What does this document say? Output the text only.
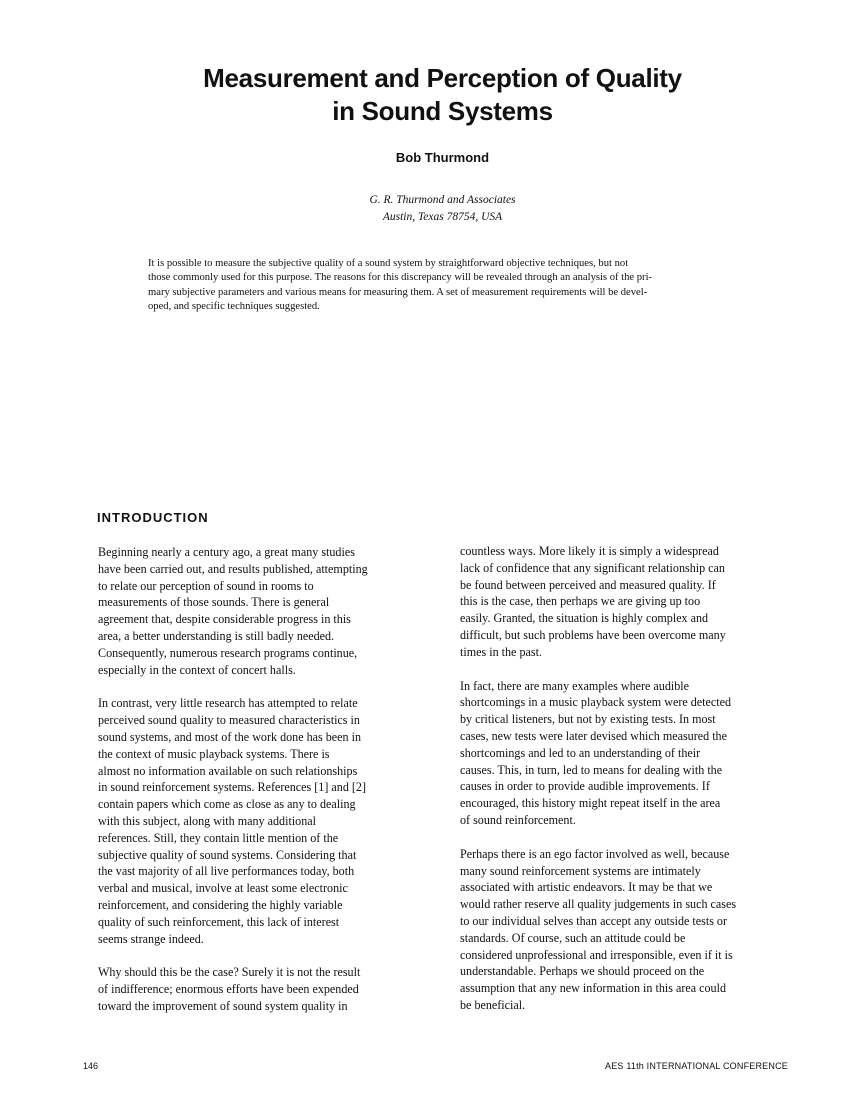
Measurement and Perception of Quality
in Sound Systems
Bob Thurmond
G. R. Thurmond and Associates
Austin, Texas 78754, USA
It is possible to measure the subjective quality of a sound system by straightforward objective techniques, but not
those commonly used for this purpose. The reasons for this discrepancy will be revealed through an analysis of the pri-
mary subjective parameters and various means for measuring them. A set of measurement requirements will be devel-
oped, and specific techniques suggested.
INTRODUCTION

Beginning nearly a century ago, a great many studies
have been carried out, and results published, attempting
to relate our perception of sound in rooms to
measurements of those sounds. There is general
agreement that, despite considerable progress in this
area, a better understanding is still badly needed.
Consequently, numerous research programs continue,
especially in the context of concert halls.

In contrast, very little research has attempted to relate
perceived sound quality to measured characteristics in
sound systems, and most of the work done has been in
the context of music playback systems. There is
almost no information available on such relationships
in sound reinforcement systems. References [1] and [2]
contain papers which come as close as any to dealing
with this subject, along with many additional
references. Still, they contain little mention of the
subjective quality of sound systems. Considering that
the vast majority of all live performances today, both
verbal and musical, involve at least some electronic
reinforcement, and considering the highly variable
quality of such reinforcement, this lack of interest
seems strange indeed.

Why should this be the case? Surely it is not the result
of indifference; enormous efforts have been expended
toward the improvement of sound system quality in

countless ways. More likely it is simply a widespread
lack of confidence that any significant relationship can
be found between perceived and measured quality. If
this is the case, then perhaps we are giving up too
easily. Granted, the situation is highly complex and
difficult, but such problems have been overcome many
times in the past.

In fact, there are many examples where audible
shortcomings in a music playback system were detected
by critical listeners, but not by existing tests. In most
cases, new tests were later devised which measured the
shortcomings and led to an understanding of their
causes. This, in turn, led to means for dealing with the
causes in order to provide audible improvements. If
encouraged, this history might repeat itself in the area
of sound reinforcement.

Perhaps there is an ego factor involved as well, because
many sound reinforcement systems are intimately
associated with artistic endeavors. It may be that we
would rather reserve all quality judgements in such cases
to our individual selves than accept any outside tests or
standards. Of course, such an attitude could be
considered unprofessional and irresponsible, even if it is
understandable. Perhaps we should proceed on the
assumption that any new information in this area could
be beneficial.

146	AES 11th INTERNATIONAL CONFERENCE
